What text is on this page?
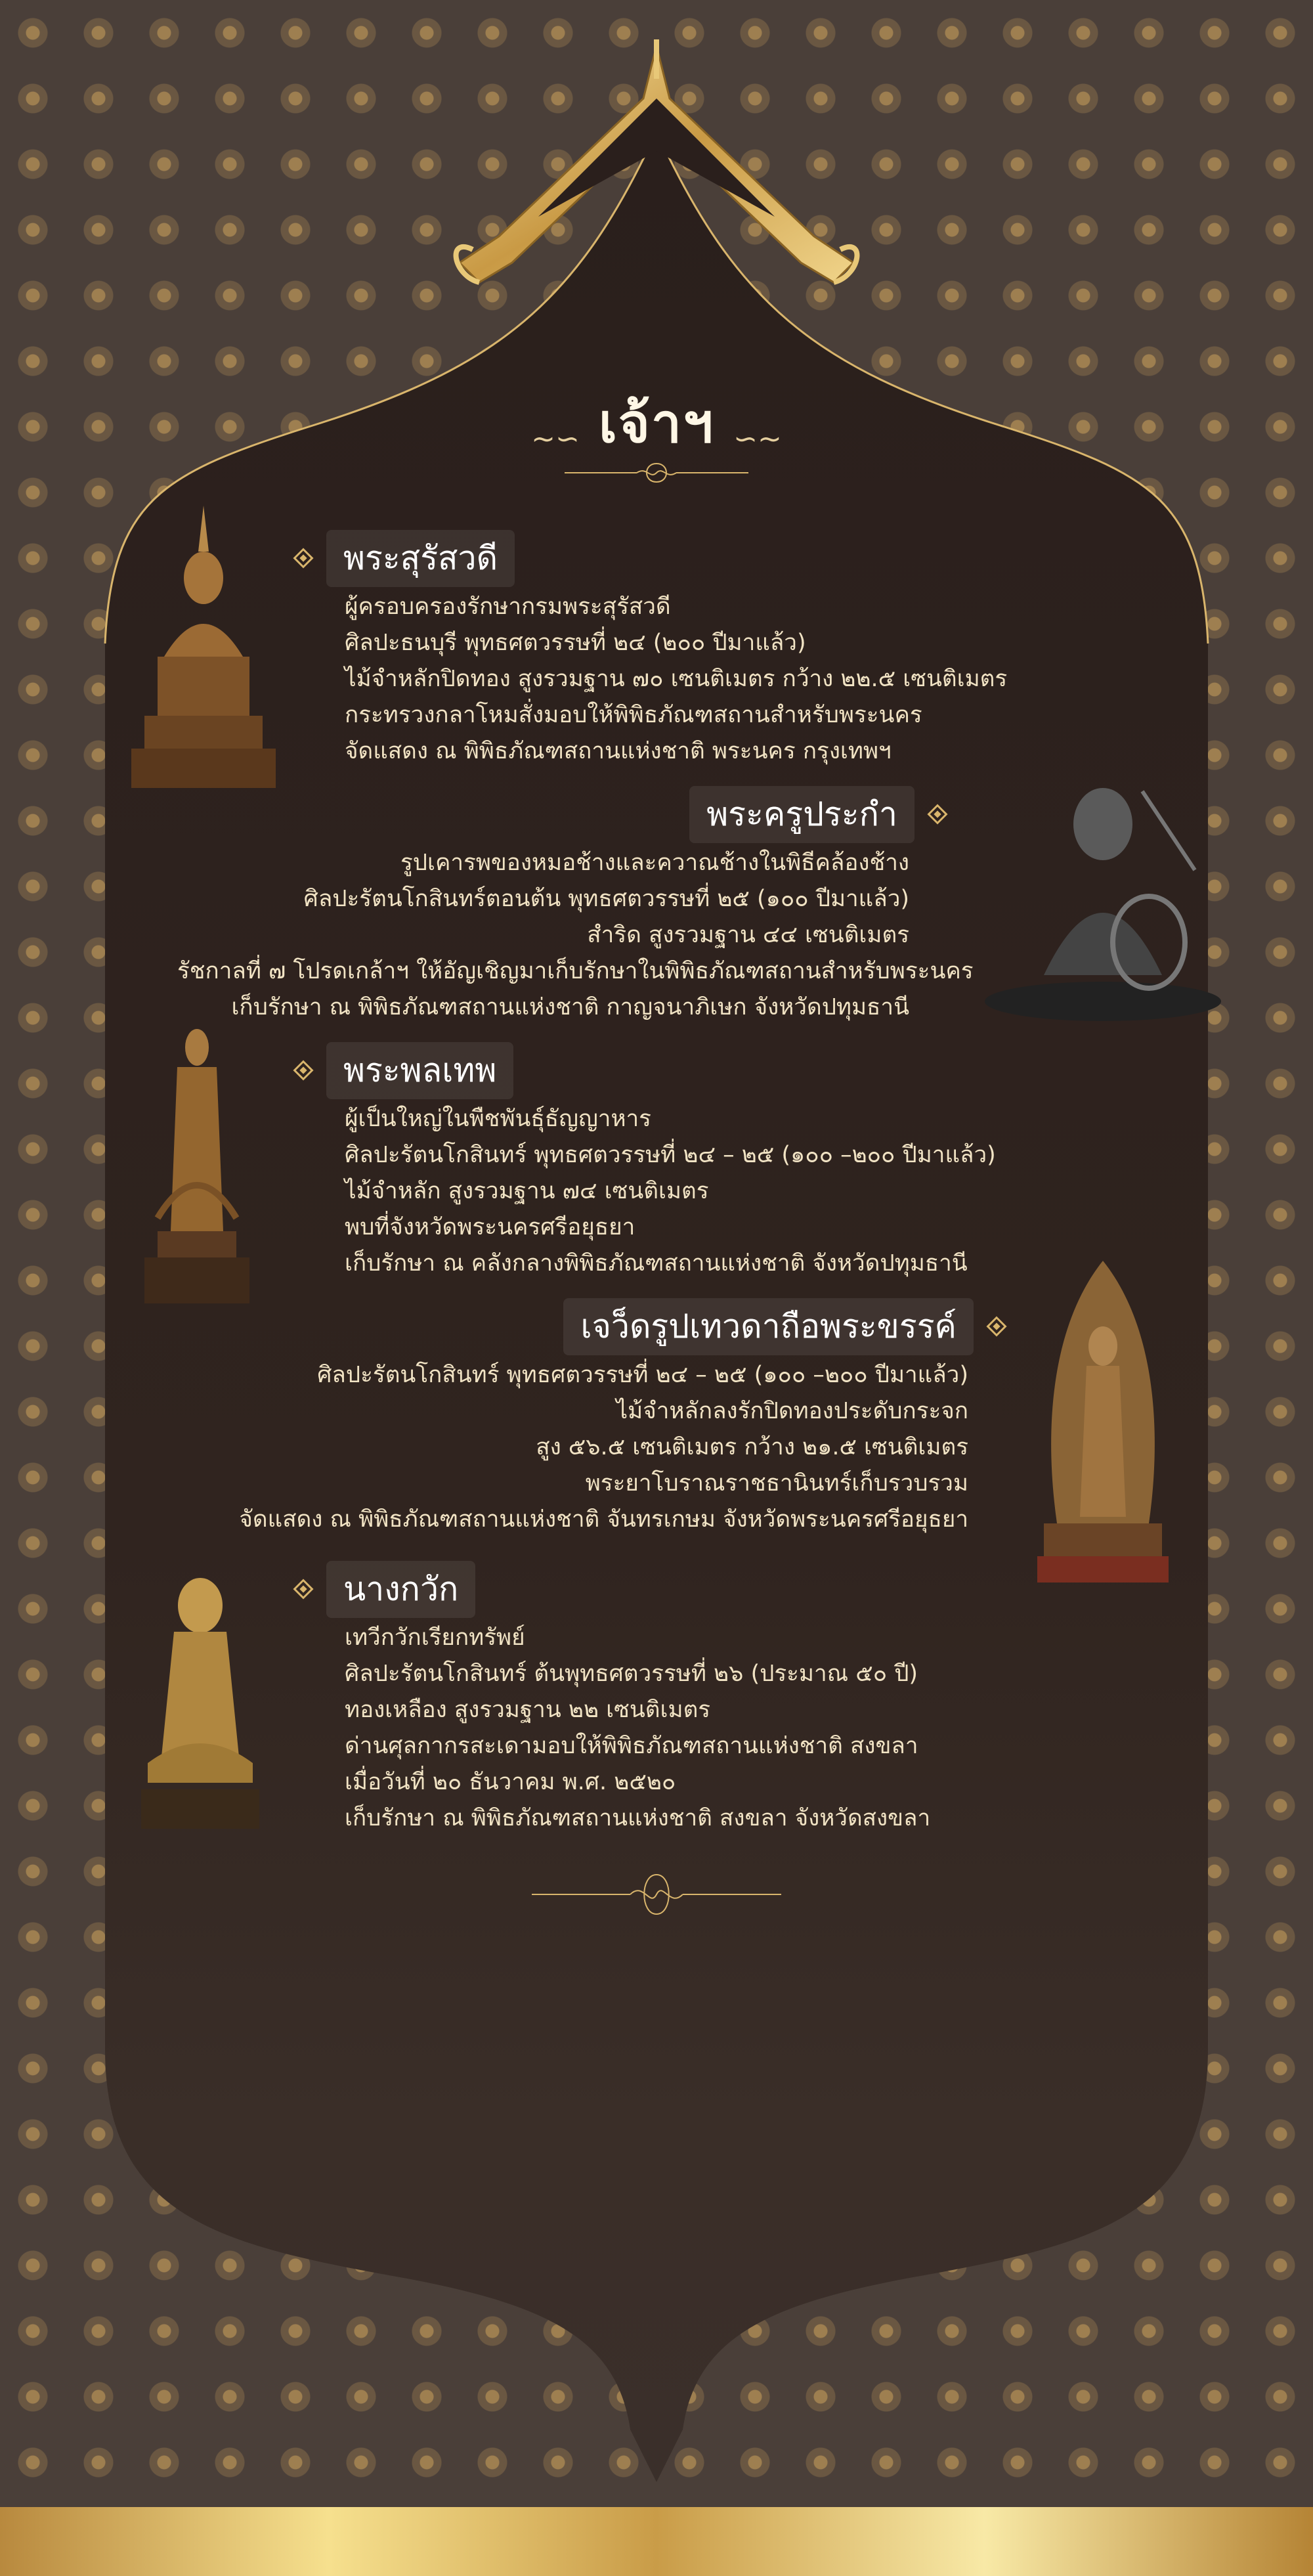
~∽ เจ้าฯ ∽~
พระสุรัสวดี
ผู้ครอบครองรักษากรมพระสุรัสวดี
ศิลปะธนบุรี พุทธศตวรรษที่ ๒๔ (๒๐๐ ปีมาแล้ว)
ไม้จำหลักปิดทอง สูงรวมฐาน ๗๐ เซนติเมตร กว้าง ๒๒.๕ เซนติเมตร
กระทรวงกลาโหมสั่งมอบให้พิพิธภัณฑสถานสำหรับพระนคร
จัดแสดง ณ พิพิธภัณฑสถานแห่งชาติ พระนคร กรุงเทพฯ
พระครูประกำ
รูปเคารพของหมอช้างและควาณช้างในพิธีคล้องช้าง
ศิลปะรัตนโกสินทร์ตอนต้น พุทธศตวรรษที่ ๒๕ (๑๐๐ ปีมาแล้ว)
สำริด สูงรวมฐาน ๔๔ เซนติเมตร
รัชกาลที่ ๗ โปรดเกล้าฯ ให้อัญเชิญมาเก็บรักษาในพิพิธภัณฑสถานสำหรับพระนคร
เก็บรักษา ณ พิพิธภัณฑสถานแห่งชาติ กาญจนาภิเษก จังหวัดปทุมธานี
พระพลเทพ
ผู้เป็นใหญ่ในพืชพันธุ์ธัญญาหาร
ศิลปะรัตนโกสินทร์ พุทธศตวรรษที่ ๒๔ – ๒๕ (๑๐๐ –๒๐๐ ปีมาแล้ว)
ไม้จำหลัก สูงรวมฐาน ๗๔ เซนติเมตร
พบที่จังหวัดพระนครศรีอยุธยา
เก็บรักษา ณ คลังกลางพิพิธภัณฑสถานแห่งชาติ จังหวัดปทุมธานี
เจว็ดรูปเทวดาถือพระขรรค์
ศิลปะรัตนโกสินทร์ พุทธศตวรรษที่ ๒๔ – ๒๕ (๑๐๐ –๒๐๐ ปีมาแล้ว)
ไม้จำหลักลงรักปิดทองประดับกระจก
สูง ๕๖.๕ เซนติเมตร กว้าง ๒๑.๕ เซนติเมตร
พระยาโบราณราชธานินทร์เก็บรวบรวม
จัดแสดง ณ พิพิธภัณฑสถานแห่งชาติ จันทรเกษม จังหวัดพระนครศรีอยุธยา
นางกวัก
เทวีกวักเรียกทรัพย์
ศิลปะรัตนโกสินทร์ ต้นพุทธศตวรรษที่ ๒๖ (ประมาณ ๕๐ ปี)
ทองเหลือง สูงรวมฐาน ๒๒ เซนติเมตร
ด่านศุลกากรสะเดามอบให้พิพิธภัณฑสถานแห่งชาติ สงขลา
เมื่อวันที่ ๒๐ ธันวาคม พ.ศ. ๒๕๒๐
เก็บรักษา ณ พิพิธภัณฑสถานแห่งชาติ สงขลา จังหวัดสงขลา
